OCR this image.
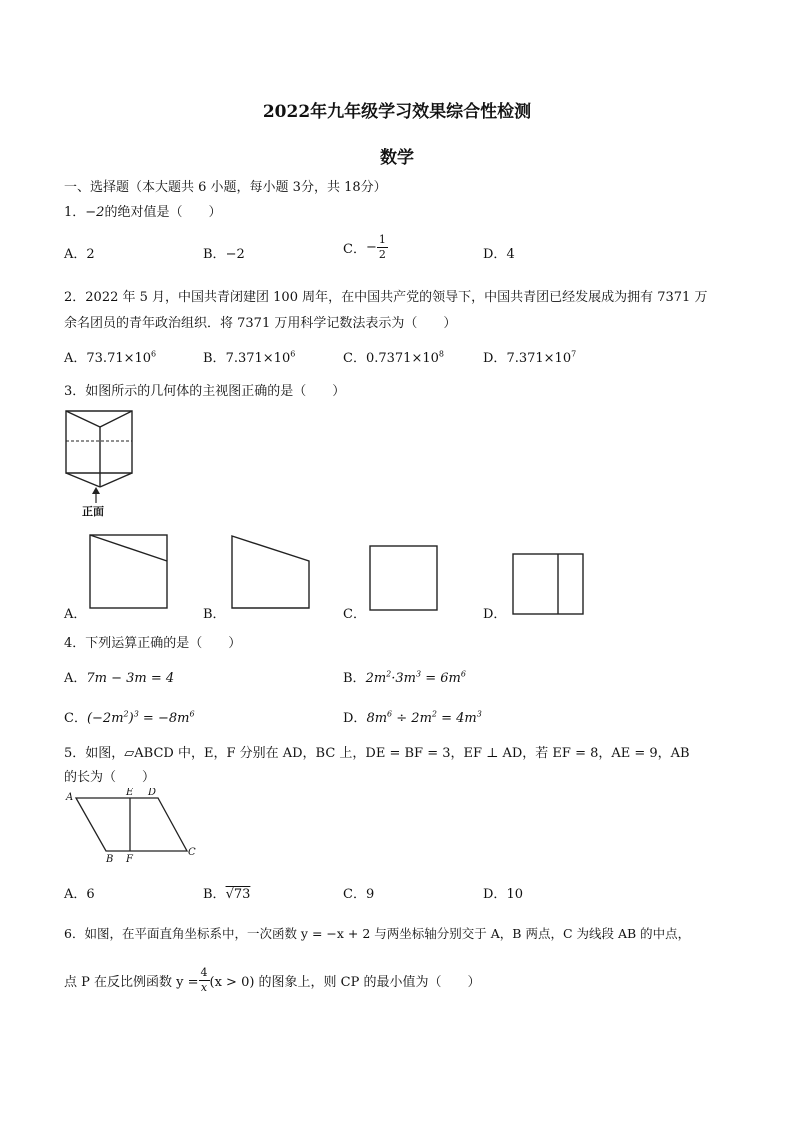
2022年九年级学习效果综合性检测
数学
一、选择题（本大题共 6 小题，每小题 3分，共 18分）
1．−2的绝对值是（　　）
A．2	B．−2	C．− $\frac{1}{2}$	D．4
2．2022 年 5 月，中国共青闭建团 100 周年，在中国共产党的领导下，中国共青团已经发展成为拥有 7371 万
余名团员的青年政治组织．将 7371 万用科学记数法表示为（　　）
A．$73.71\times 10^6$	B．$7.371\times 10^6$	C．$0.7371\times 10^8$	D．$7.371\times 10^7$
3．如图所示的几何体的主视图正确的是（　　）
正面
A．	B．	C．	D．
4．下列运算正确的是（　　）
A．7m − 3m = 4	B．$2m^2\cdot 3m^3 = 6m^6$
C．$(-2m^2)^3 = -8m^6$	D．$8m^6 \div 2m^2 = 4m^3$
5．如图，▱ABCD 中，E，F 分别在 AD，BC 上，DE = BF = 3，EF ⊥ AD，若 EF = 8，AE = 9，AB
的长为（　　）
A	E D
B F
C
A．6	B．√73	C．9	D．10
6．如图，在平面直角坐标系中，一次函数 y = −x + 2 与两坐标轴分别交于 A，B 两点，C 为线段 AB 的中点，
点 P 在反比例函数 $y = \frac{4}{x} (x > 0)$ 的图象上，则 CP 的最小值为（　　）
